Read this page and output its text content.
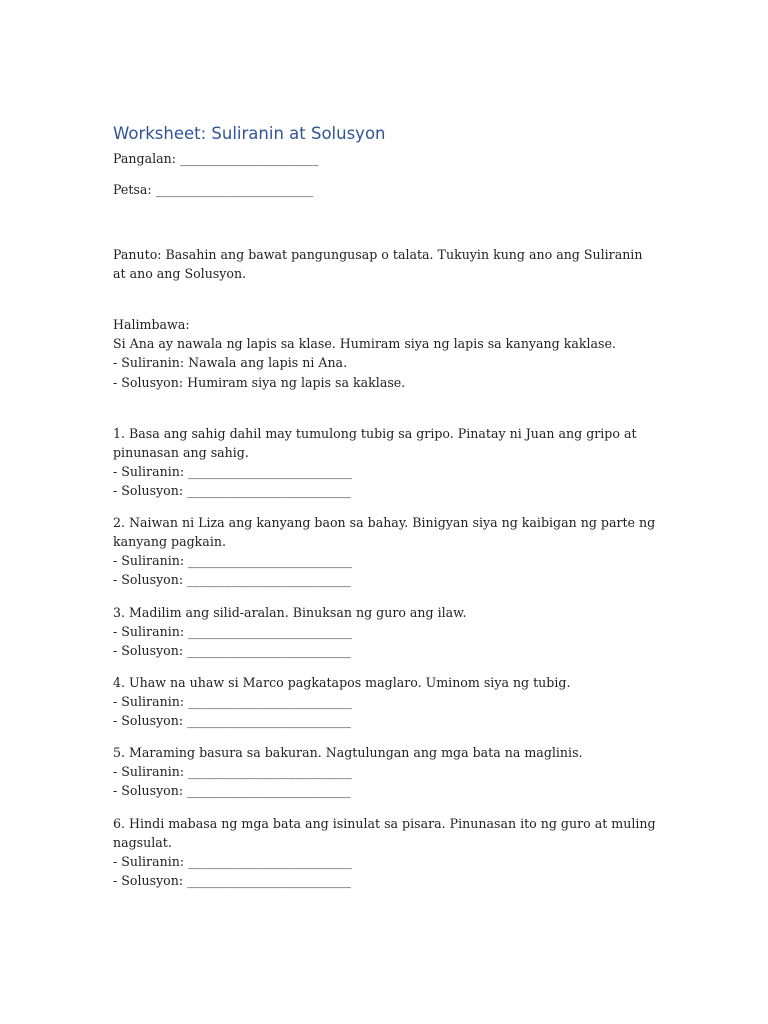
Worksheet: Suliranin at Solusyon

Pangalan: ______________________

Petsa: _________________________

Panuto: Basahin ang bawat pangungusap o talata. Tukuyin kung ano ang Suliranin at ano ang Solusyon.

Halimbawa:

Si Ana ay nawala ng lapis sa klase. Humiram siya ng lapis sa kanyang kaklase.

- Suliranin: Nawala ang lapis ni Ana.

- Solusyon: Humiram siya ng lapis sa kaklase.

1. Basa ang sahig dahil may tumulong tubig sa gripo. Pinatay ni Juan ang gripo at pinunasan ang sahig.

- Suliranin: __________________________

- Solusyon: __________________________

2. Naiwan ni Liza ang kanyang baon sa bahay. Binigyan siya ng kaibigan ng parte ng kanyang pagkain.

- Suliranin: __________________________

- Solusyon: __________________________

3. Madilim ang silid-aralan. Binuksan ng guro ang ilaw.

- Suliranin: __________________________

- Solusyon: __________________________

4. Uhaw na uhaw si Marco pagkatapos maglaro. Uminom siya ng tubig.

- Suliranin: __________________________

- Solusyon: __________________________

5. Maraming basura sa bakuran. Nagtulungan ang mga bata na maglinis.

- Suliranin: __________________________

- Solusyon: __________________________

6. Hindi mabasa ng mga bata ang isinulat sa pisara. Pinunasan ito ng guro at muling nagsulat.

- Suliranin: __________________________

- Solusyon: __________________________
